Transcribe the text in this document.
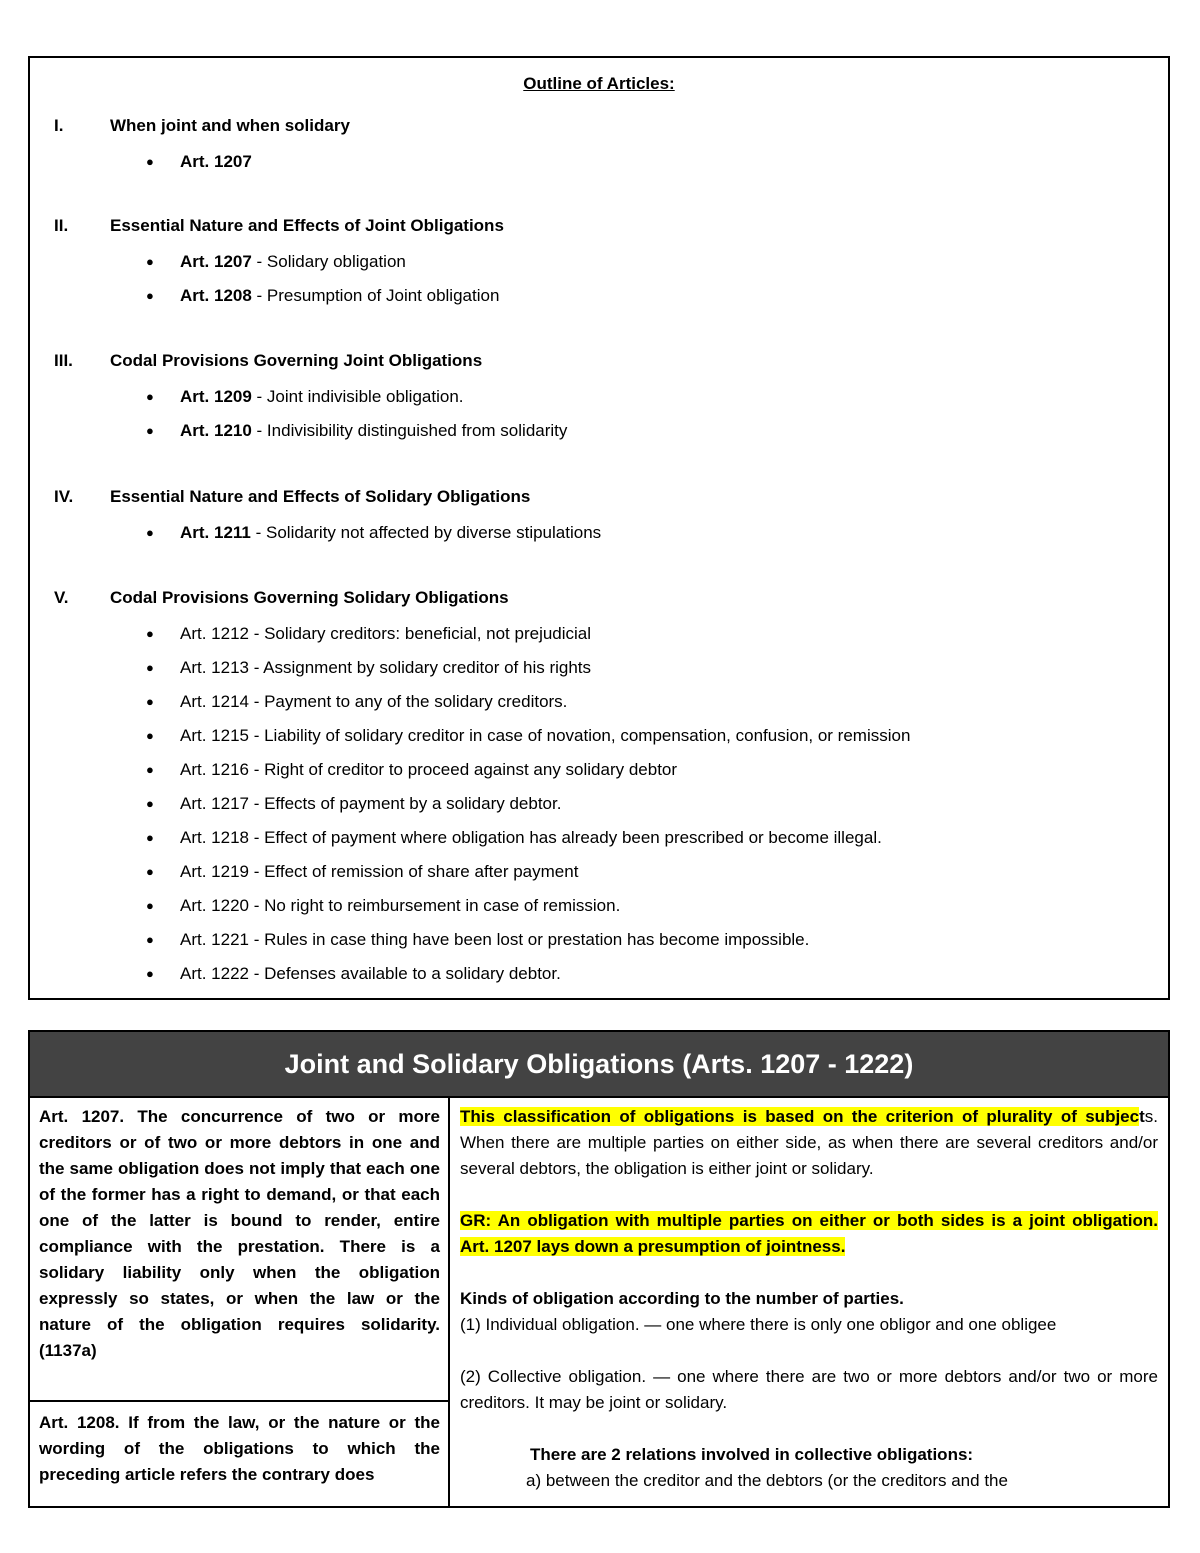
Outline of Articles:
I.	When joint and when solidary
● Art. 1207
II.	Essential Nature and Effects of Joint Obligations
● Art. 1207 - Solidary obligation
● Art. 1208 - Presumption of Joint obligation
III.	Codal Provisions Governing Joint Obligations
● Art. 1209 - Joint indivisible obligation.
● Art. 1210 - Indivisibility distinguished from solidarity
IV.	Essential Nature and Effects of Solidary Obligations
● Art. 1211 - Solidarity not affected by diverse stipulations
V.	Codal Provisions Governing Solidary Obligations
● Art. 1212 - Solidary creditors: beneficial, not prejudicial
● Art. 1213 - Assignment by solidary creditor of his rights
● Art. 1214 - Payment to any of the solidary creditors.
● Art. 1215 - Liability of solidary creditor in case of novation, compensation, confusion, or remission
● Art. 1216 - Right of creditor to proceed against any solidary debtor
● Art. 1217 - Effects of payment by a solidary debtor.
● Art. 1218 - Effect of payment where obligation has already been prescribed or become illegal.
● Art. 1219 - Effect of remission of share after payment
● Art. 1220 - No right to reimbursement in case of remission.
● Art. 1221 - Rules in case thing have been lost or prestation has become impossible.
● Art. 1222 - Defenses available to a solidary debtor.
Joint and Solidary Obligations (Arts. 1207 - 1222)
Art. 1207. The concurrence of two or more creditors or of two or more debtors in one and the same obligation does not imply that each one of the former has a right to demand, or that each one of the latter is bound to render, entire compliance with the prestation. There is a solidary liability only when the obligation expressly so states, or when the law or the nature of the obligation requires solidarity. (1137a)
Art. 1208. If from the law, or the nature or the wording of the obligations to which the preceding article refers the contrary does

This classification of obligations is based on the criterion of plurality of subjects. When there are multiple parties on either side, as when there are several creditors and/or several debtors, the obligation is either joint or solidary.

GR: An obligation with multiple parties on either or both sides is a joint obligation. Art. 1207 lays down a presumption of jointness.

Kinds of obligation according to the number of parties.

(1) Individual obligation. — one where there is only one obligor and one obligee

(2) Collective obligation. — one where there are two or more debtors and/or two or more creditors. It may be joint or solidary.

There are 2 relations involved in collective obligations:

a) between the creditor and the debtors (or the creditors and the
